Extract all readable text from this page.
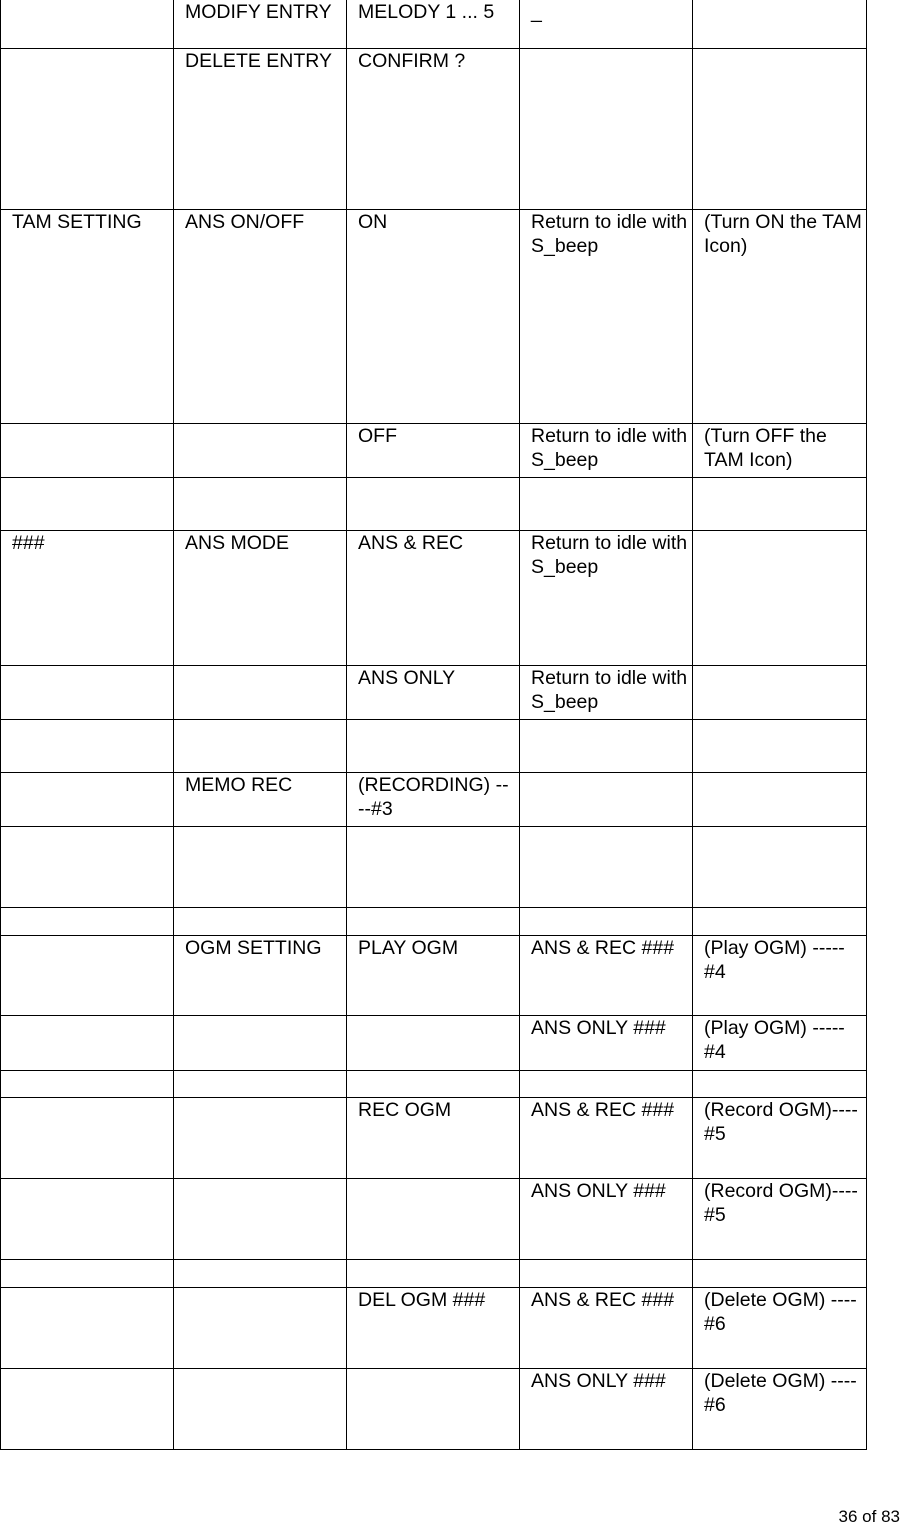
	MODIFY ENTRY	MELODY 1 ... 5	_	

	DELETE ENTRY	CONFIRM ?		

TAM SETTING	ANS ON/OFF	ON	Return to idle with S_beep	(Turn ON the TAM Icon)

		OFF	Return to idle with S_beep	(Turn OFF the TAM Icon)

###	ANS MODE	ANS & REC	Return to idle with S_beep	

		ANS ONLY	Return to idle with S_beep	

	MEMO REC	(RECORDING) ----#3		

	OGM SETTING	PLAY OGM	ANS & REC ###	(Play OGM) ----- #4

			ANS ONLY ###	(Play OGM) ----- #4

		REC OGM	ANS & REC ###	(Record OGM)----#5

			ANS ONLY ###	(Record OGM)----#5

		DEL OGM ###	ANS & REC ###	(Delete OGM) ----#6

			ANS ONLY ###	(Delete OGM) ----#6
36 of 83
